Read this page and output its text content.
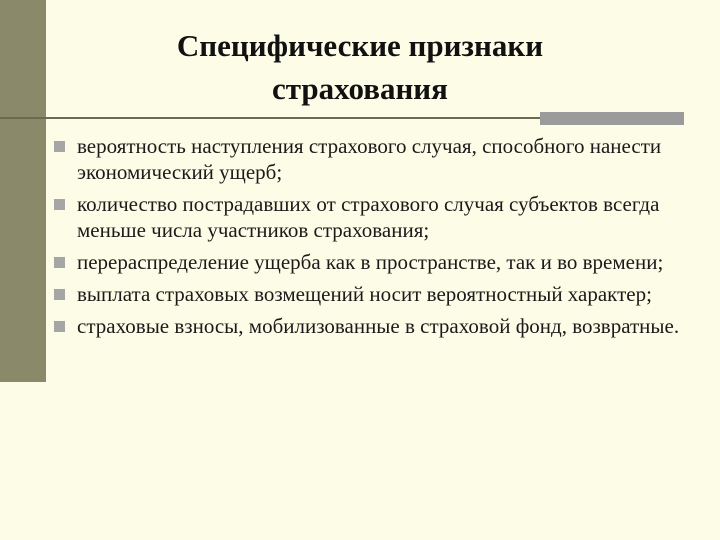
Специфические признаки
страхования
вероятность наступления страхового случая, способного нанести экономический ущерб;
количество пострадавших от страхового случая субъектов всегда меньше числа участников страхования;
перераспределение ущерба как в пространстве, так и во времени;
выплата страховых возмещений носит вероятностный характер;
страховые взносы, мобилизованные в страховой фонд, возвратные.
